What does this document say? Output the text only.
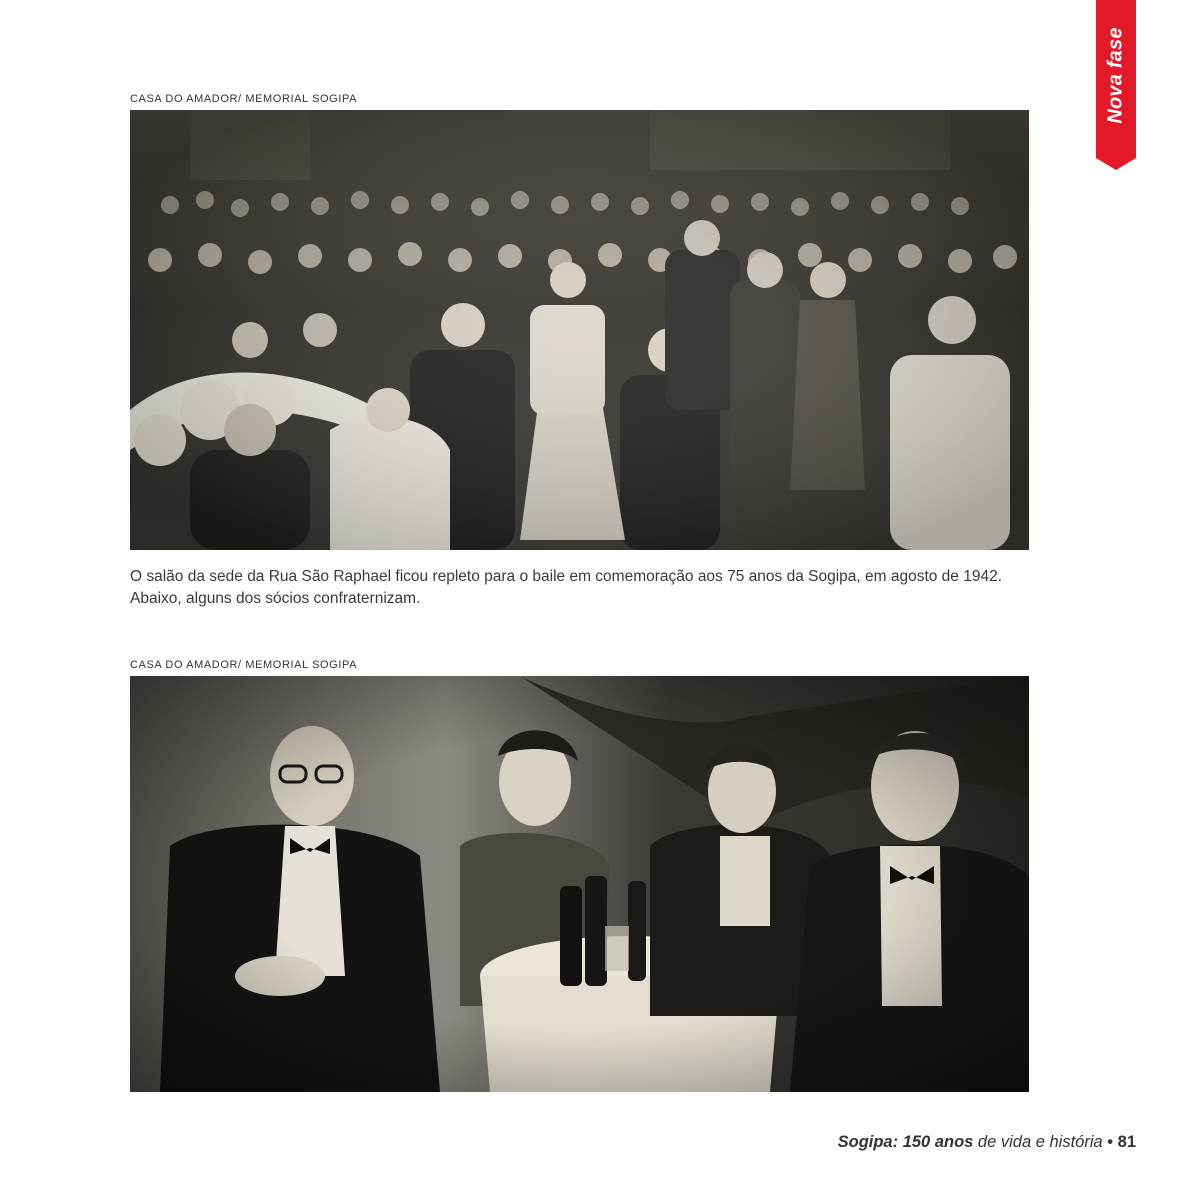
Nova fase
CASA DO AMADOR/ MEMORIAL SOGIPA

O salão da sede da Rua São Raphael ficou repleto para o baile em comemoração aos 75 anos da Sogipa, em agosto de 1942. Abaixo, alguns dos sócios confraternizam.

CASA DO AMADOR/ MEMORIAL SOGIPA
Sogipa: 150 anos de vida e história • 81
